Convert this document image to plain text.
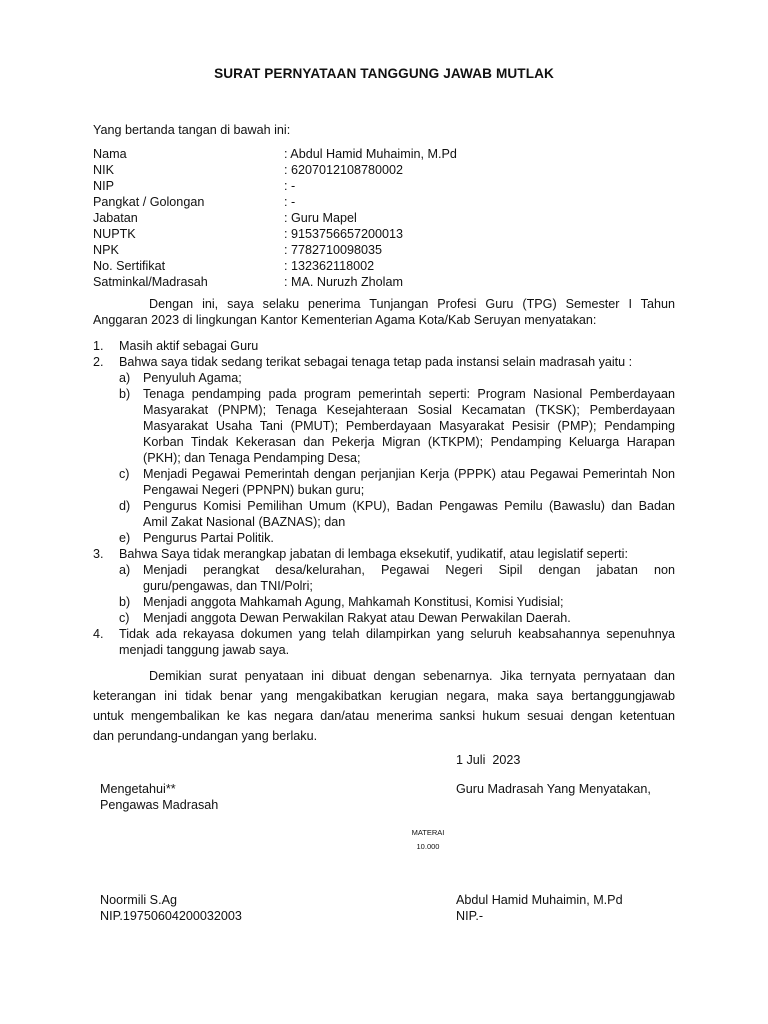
SURAT PERNYATAAN TANGGUNG JAWAB MUTLAK
Yang bertanda tangan di bawah ini:
Nama	: Abdul Hamid Muhaimin, M.Pd
NIK	: 6207012108780002
NIP	: -
Pangkat / Golongan	: -
Jabatan	: Guru Mapel
NUPTK	: 9153756657200013
NPK	: 7782710098035
No. Sertifikat	: 132362118002
Satminkal/Madrasah	: MA. Nuruzh Zholam
Dengan ini, saya selaku penerima Tunjangan Profesi Guru (TPG) Semester I Tahun
Anggaran 2023 di lingkungan Kantor Kementerian Agama Kota/Kab Seruyan menyatakan:
1. Masih aktif sebagai Guru
2. Bahwa saya tidak sedang terikat sebagai tenaga tetap pada instansi selain madrasah yaitu :
a) Penyuluh Agama;
b) Tenaga pendamping pada program pemerintah seperti: Program Nasional Pemberdayaan
Masyarakat (PNPM); Tenaga Kesejahteraan Sosial Kecamatan (TKSK); Pemberdayaan
Masyarakat Usaha Tani (PMUT); Pemberdayaan Masyarakat Pesisir (PMP); Pendamping
Korban Tindak Kekerasan dan Pekerja Migran (KTKPM); Pendamping Keluarga Harapan
(PKH); dan Tenaga Pendamping Desa;
c) Menjadi Pegawai Pemerintah dengan perjanjian Kerja (PPPK) atau Pegawai Pemerintah Non
Pengawai Negeri (PPNPN) bukan guru;
d) Pengurus Komisi Pemilihan Umum (KPU), Badan Pengawas Pemilu (Bawaslu) dan Badan
Amil Zakat Nasional (BAZNAS); dan
e) Pengurus Partai Politik.
3. Bahwa Saya tidak merangkap jabatan di lembaga eksekutif, yudikatif, atau legislatif seperti:
a) Menjadi perangkat desa/kelurahan, Pegawai Negeri Sipil dengan jabatan non
guru/pengawas, dan TNI/Polri;
b) Menjadi anggota Mahkamah Agung, Mahkamah Konstitusi, Komisi Yudisial;
c) Menjadi anggota Dewan Perwakilan Rakyat atau Dewan Perwakilan Daerah.
4. Tidak ada rekayasa dokumen yang telah dilampirkan yang seluruh keabsahannya sepenuhnya
menjadi tanggung jawab saya.
Demikian surat penyataan ini dibuat dengan sebenarnya. Jika ternyata pernyataan dan
keterangan ini tidak benar yang mengakibatkan kerugian negara, maka saya bertanggungjawab
untuk mengembalikan ke kas negara dan/atau menerima sanksi hukum sesuai dengan ketentuan
dan perundang-undangan yang berlaku.
1 Juli  2023
Mengetahui**
Pengawas Madrasah
Guru Madrasah Yang Menyatakan,
MATERAI
10.000
Noormili S.Ag
NIP.19750604200032003
Abdul Hamid Muhaimin, M.Pd
NIP.-
